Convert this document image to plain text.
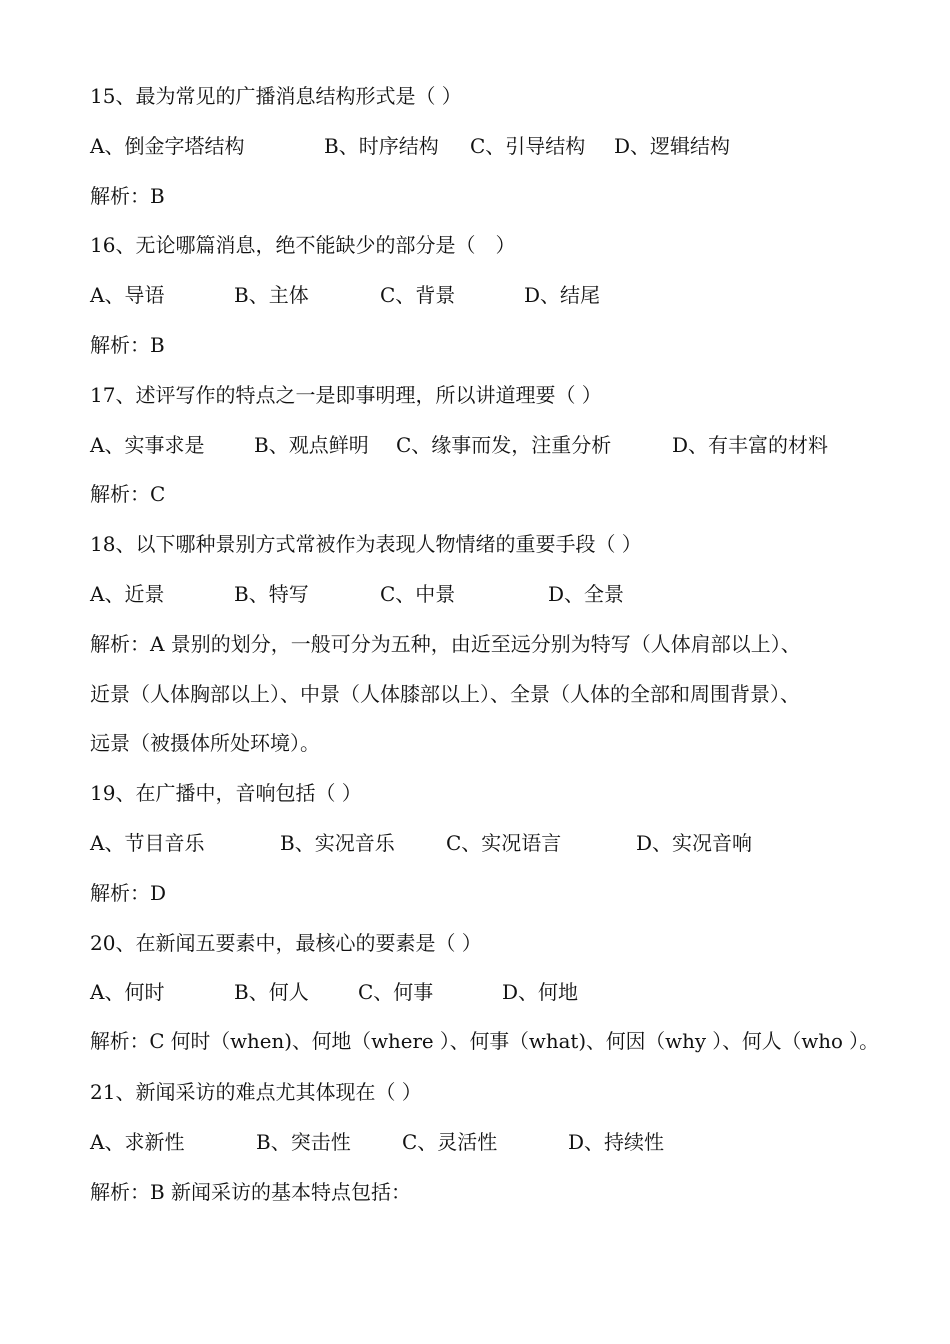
15、最为常见的广播消息结构形式是（ ）
A、倒金字塔结构	B、时序结构 C、引导结构 D、逻辑结构
解析：B
16、无论哪篇消息，绝不能缺少的部分是（　）
A、导语	B、主体	C、背景	D、结尾
解析：B
17、述评写作的特点之一是即事明理，所以讲道理要（ ）
A、实事求是 B、观点鲜明 C、缘事而发，注重分析	D、有丰富的材料
解析：C
18、以下哪种景别方式常被作为表现人物情绪的重要手段（ ）
A、近景	B、特写	C、中景	D、全景
解析：A 景别的划分，一般可分为五种，由近至远分别为特写（人体肩部以上）、
近景（人体胸部以上）、中景（人体膝部以上）、全景（人体的全部和周围背景）、
远景（被摄体所处环境）。
19、在广播中，音响包括（ ）
A、节目音乐	B、实况音乐	C、实况语言	D、实况音响
解析：D
20、在新闻五要素中，最核心的要素是（ ）
A、何时	B、何人 C、何事	D、何地
解析：C 何时（when)、何地（where ）、何事（what)、何因（why ）、何人（who ）。
21、新闻采访的难点尤其体现在（ ）
A、求新性	B、突击性	C、灵活性	D、持续性
解析：B 新闻采访的基本特点包括：
